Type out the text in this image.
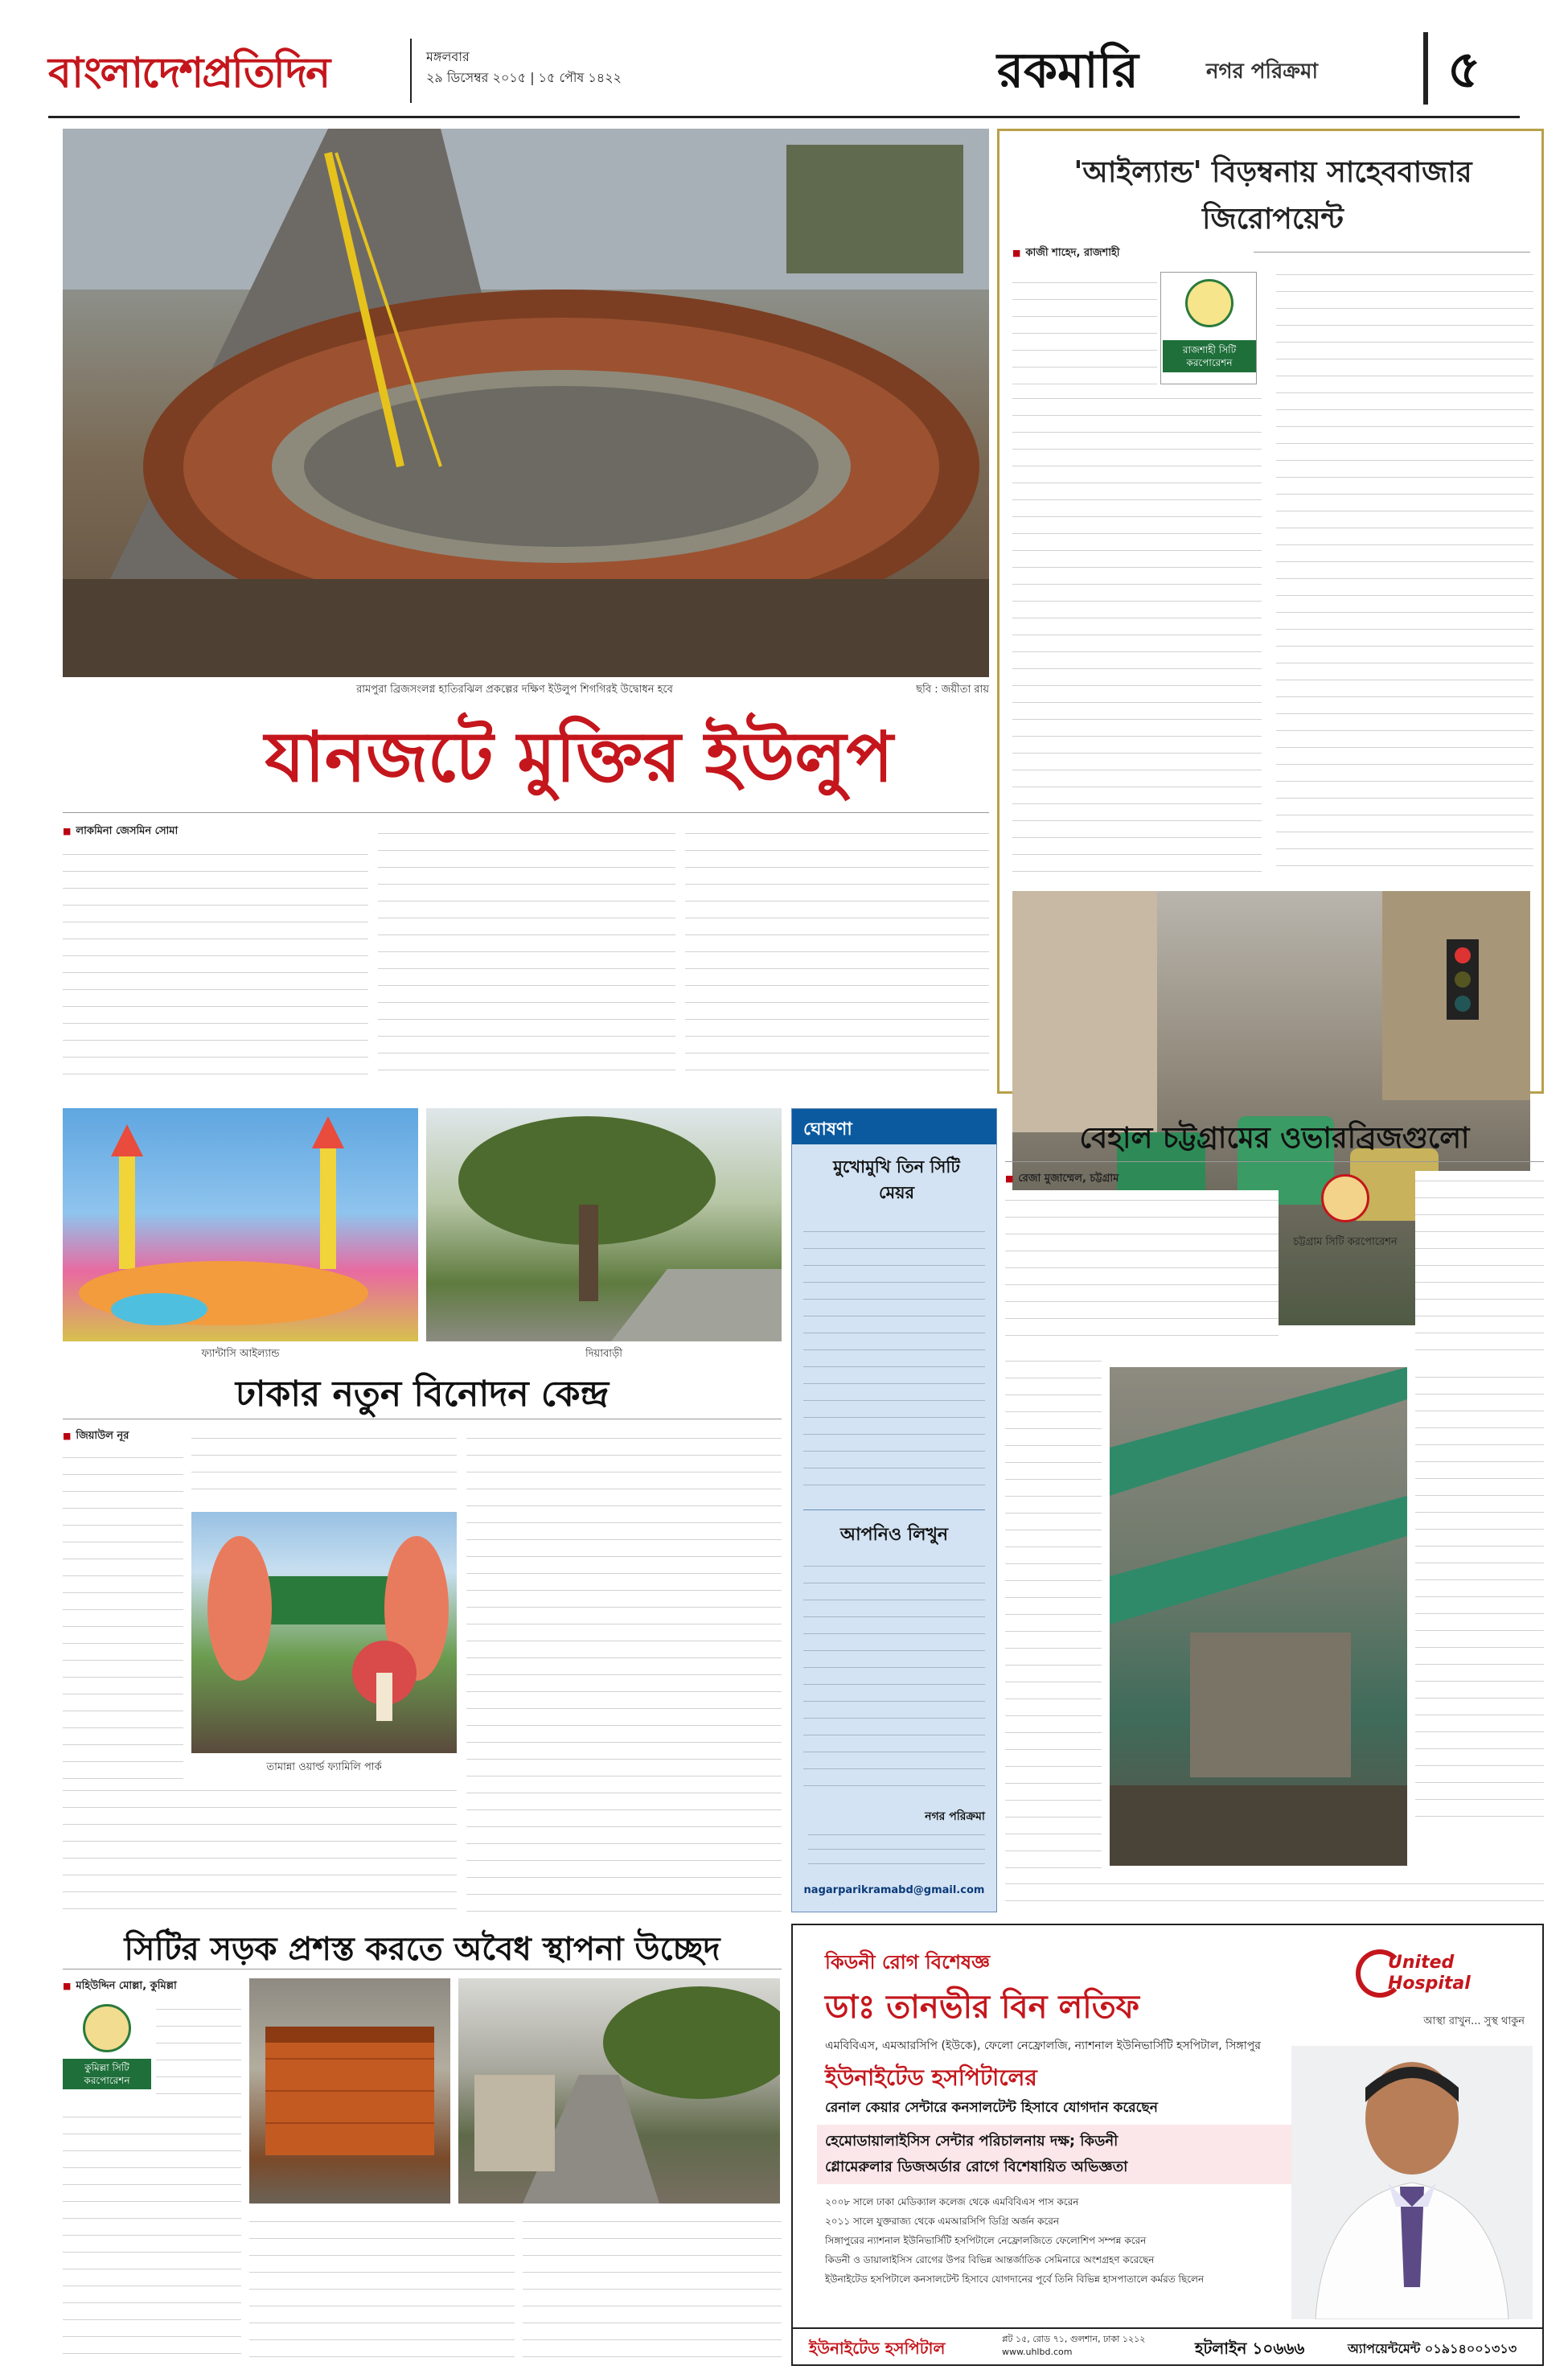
বাংলাদেশপ্রতিদিন	মঙ্গলবার
২৯ ডিসেম্বর ২০১৫ | ১৫ পৌষ ১৪২২	রকমারি	নগর পরিক্রমা	৫
রামপুরা ব্রিজসংলগ্ন হাতিরঝিল প্রকল্পের দক্ষিণ ইউলুপ শিগগিরই উদ্বোধন হবে	ছবি : জয়ীতা রায়
যানজটে মুক্তির ইউলুপ
■ লাকমিনা জেসমিন সোমা
'আইল্যান্ড' বিড়ম্বনায় সাহেববাজার জিরোপয়েন্ট
■ কাজী শাহেদ, রাজশাহী
রাজশাহী সিটি করপোরেশন
ঘোষণা
মুখোমুখি তিন সিটি মেয়র
আপনিও লিখুন
নগর পরিক্রমা
nagarparikramabd@gmail.com
ফ্যান্টাসি আইল্যান্ড	দিয়াবাড়ী
ঢাকার নতুন বিনোদন কেন্দ্র
■ জিয়াউল নূর
তামান্না ওয়ার্ল্ড ফ্যামিলি পার্ক
বেহাল চট্টগ্রামের ওভারব্রিজগুলো
■ রেজা মুজাম্মেল, চট্টগ্রাম
চট্টগ্রাম সিটি করপোরেশন
সিটির সড়ক প্রশস্ত করতে অবৈধ স্থাপনা উচ্ছেদ
■ মহিউদ্দিন মোল্লা, কুমিল্লা
কুমিল্লা সিটি করপোরেশন
কিডনী রোগ বিশেষজ্ঞ
ডাঃ তানভীর বিন লতিফ
এমবিবিএস, এমআরসিপি (ইউকে), ফেলো নেফ্রোলজি, ন্যাশনাল ইউনিভার্সিটি হসপিটাল, সিঙ্গাপুর
ইউনাইটেড হসপিটালের
রেনাল কেয়ার সেন্টারে কনসালটেন্ট হিসাবে যোগদান করেছেন
হেমোডায়ালাইসিস সেন্টার পরিচালনায় দক্ষ; কিডনী
গ্লোমেরুলার ডিজঅর্ডার রোগে বিশেষায়িত অভিজ্ঞতা
২০০৮ সালে ঢাকা মেডিক্যাল কলেজ থেকে এমবিবিএস পাস করেন
২০১১ সালে যুক্তরাজ্য থেকে এমআরসিপি ডিগ্রি অর্জন করেন
সিঙ্গাপুরের ন্যাশনাল ইউনিভার্সিটি হসপিটালে নেফ্রোলজিতে ফেলোশিপ সম্পন্ন করেন
কিডনী ও ডায়ালাইসিস রোগের উপর বিভিন্ন আন্তর্জাতিক সেমিনারে অংশগ্রহণ করেছেন
ইউনাইটেড হসপিটালে কনসালটেন্ট হিসাবে যোগদানের পূর্বে তিনি বিভিন্ন হাসপাতালে কর্মরত ছিলেন
United Hospital
আস্থা রাখুন... সুস্থ থাকুন
ইউনাইটেড হসপিটাল	প্লট ১৫, রোড ৭১, গুলশান, ঢাকা ১২১২
www.uhlbd.com	হটলাইন ১০৬৬৬	অ্যাপয়েন্টমেন্ট ০১৯১৪০০১৩১৩
